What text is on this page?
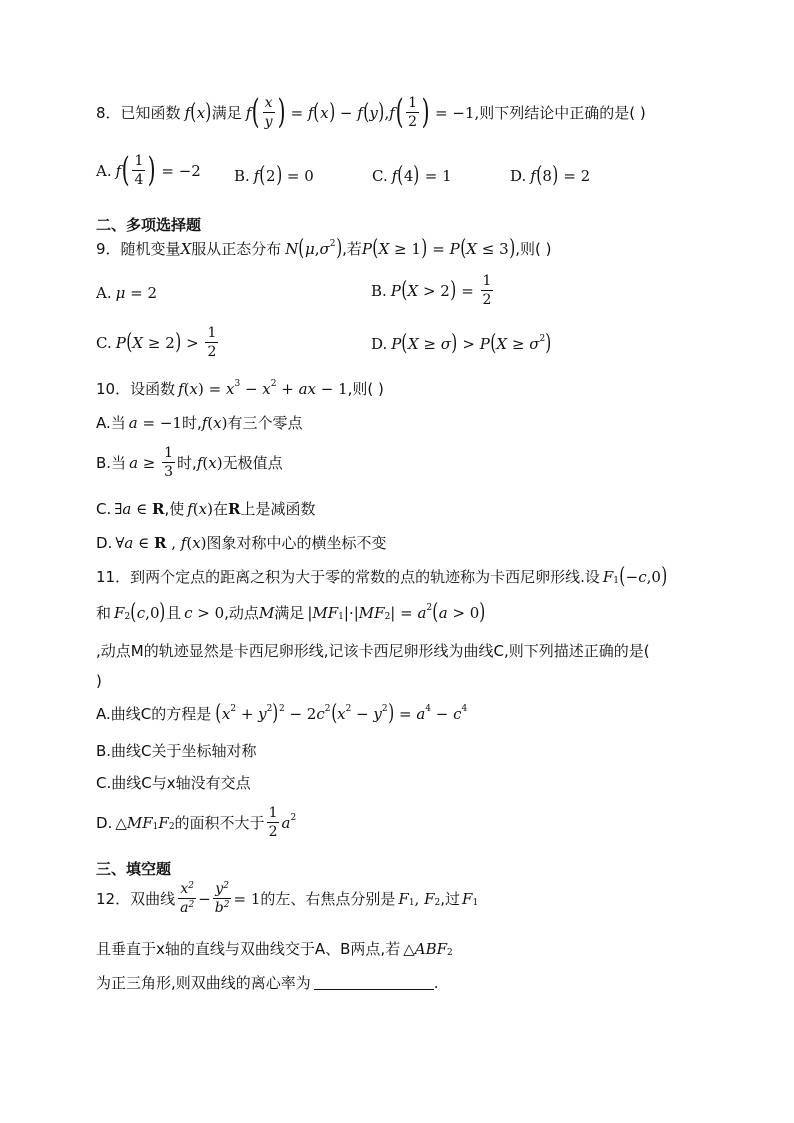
8． 已知函数 f ( x ) 满足 f ( $\frac{x}{y}$ ) = f ( x ) − f ( y ) , f ( $\frac{1}{2}$ ) = −1, 则下列结论中正确的是( )
A. f ( $\frac{1}{4}$ ) = −2 B. f ( 2 ) = 0	C. f ( 4 ) = 1	D. f ( 8 ) = 2
二、多项选择题
9． 随机变量 X 服从正态分布 N ( μ , $\sigma^2$ ) ,若 P ( X ≥ 1 ) = P ( X ≤ 3 ) ,则( )
A. μ = 2	B. P ( X > 2 ) = $\frac{1}{2}$
C. P ( X ≥ 2 ) > $\frac{1}{2}$	D. P ( X ≥ σ ) > P ( $X \ge \sigma^2$ )
10． 设函数 f ( x ) = $x^3 - x^2$ + ax − 1 ,则( )
A.当 a = −1 时, f ( x ) 有三个零点
B.当 $a \ge \frac{1}{3}$ 时, f ( x ) 无极值点
C. ∃ a ∈ R ,使 f ( x ) 在 R 上是减函数
D. ∀ a ∈ R , f ( x ) 图象对称中心的横坐标不变
11． 到两个定点的距离之积为大于零的常数的点的轨迹称为卡西尼卵形线.设 $F_1$ ( − c ,0 )
和 $F_2$ ( c ,0 ) 且 c > 0 ,动点 M 满足 | $MF_1$ |·| $MF_2$ | = $a^2$ ( a > 0 )
,动点M的轨迹显然是卡西尼卵形线,记该卡西尼卵形线为曲线C,则下列描述正确的是(
)
A.曲线C的方程是 ( $x^2 + y^2$ )$^2$ − 2 $c^2$ ( $x^2 - y^2$ ) = $a^4 - c^4$
B.曲线C关于坐标轴对称
C.曲线C与x轴没有交点
D. △ $MF_1$ $F_2$ 的面积不大于 $\frac{1}{2} a^2$
三、填空题
12． 双曲线 $\frac{x^2}{a^2} - \frac{y^2}{b^2} = 1$ 的左、右焦点分别是 $F_1$ , $F_2$ ,过 $F_1$
且垂直于x轴的直线与双曲线交于A、B两点,若 △ $ABF_2$
为正三角形,则双曲线的离心率为	.
